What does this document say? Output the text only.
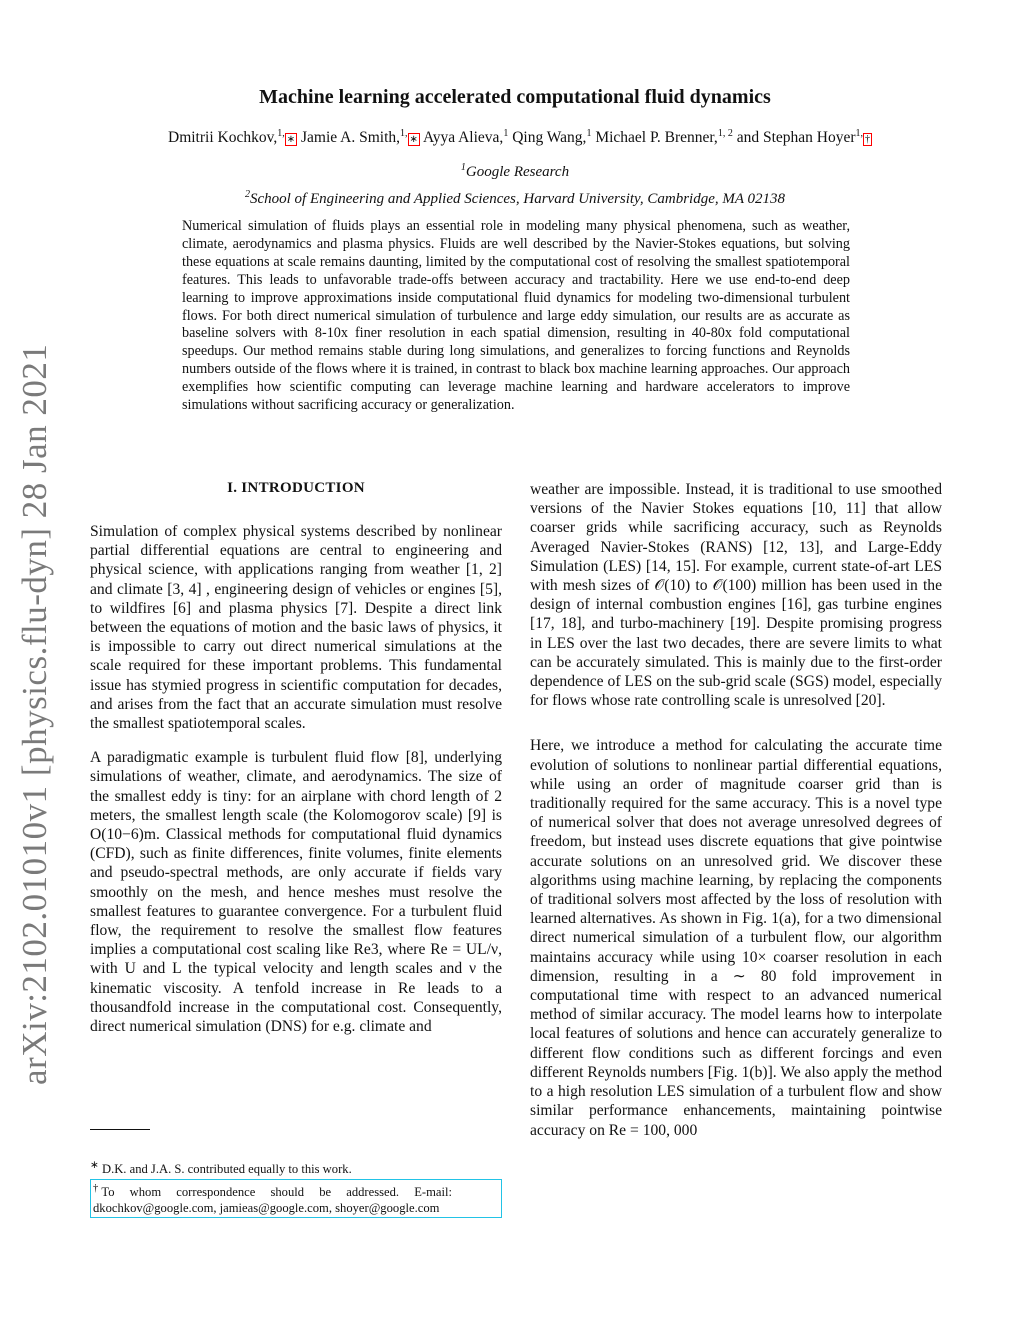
arXiv:2102.01010v1 [physics.flu-dyn] 28 Jan 2021
Machine learning accelerated computational fluid dynamics
Dmitrii Kochkov,$^{1,}$∗ Jamie A. Smith,$^{1,}$∗ Ayya Alieva,$^1$ Qing Wang,$^1$ Michael P. Brenner,$^{1, 2}$ and Stephan Hoyer$^{1,}$†
$^1$Google Research
$^2$School of Engineering and Applied Sciences, Harvard University, Cambridge, MA 02138
Numerical simulation of fluids plays an essential role in modeling many physical phenomena, such as weather, climate, aerodynamics and plasma physics. Fluids are well described by the Navier-Stokes equations, but solving these equations at scale remains daunting, limited by the computational cost of resolving the smallest spatiotemporal features. This leads to unfavorable trade-offs between accuracy and tractability. Here we use end-to-end deep learning to improve approximations inside computational fluid dynamics for modeling two-dimensional turbulent flows. For both direct numerical simulation of turbulence and large eddy simulation, our results are as accurate as baseline solvers with 8-10x finer resolution in each spatial dimension, resulting in 40-80x fold computational speedups. Our method remains stable during long simulations, and generalizes to forcing functions and Reynolds numbers outside of the flows where it is trained, in contrast to black box machine learning approaches. Our approach exemplifies how scientific computing can leverage machine learning and hardware accelerators to improve simulations without sacrificing accuracy or generalization.
I. INTRODUCTION

Simulation of complex physical systems described by nonlinear partial differential equations are central to engineering and physical science, with applications ranging from weather [1, 2] and climate [3, 4] , engineering design of vehicles or engines [5], to wildfires [6] and plasma physics [7]. Despite a direct link between the equations of motion and the basic laws of physics, it is impossible to carry out direct numerical simulations at the scale required for these important problems. This fundamental issue has stymied progress in scientific computation for decades, and arises from the fact that an accurate simulation must resolve the smallest spatiotemporal scales.

A paradigmatic example is turbulent fluid flow [8], underlying simulations of weather, climate, and aerodynamics. The size of the smallest eddy is tiny: for an airplane with chord length of 2 meters, the smallest length scale (the Kolomogorov scale) [9] is O(10−6)m. Classical methods for computational fluid dynamics (CFD), such as finite differences, finite volumes, finite elements and pseudo-spectral methods, are only accurate if fields vary smoothly on the mesh, and hence meshes must resolve the smallest features to guarantee convergence. For a turbulent fluid flow, the requirement to resolve the smallest flow features implies a computational cost scaling like Re3, where Re = UL/ν, with U and L the typical velocity and length scales and ν the kinematic viscosity. A tenfold increase in Re leads to a thousandfold increase in the computational cost. Consequently, direct numerical simulation (DNS) for e.g. climate and

weather are impossible. Instead, it is traditional to use smoothed versions of the Navier Stokes equations [10, 11] that allow coarser grids while sacrificing accuracy, such as Reynolds Averaged Navier-Stokes (RANS) [12, 13], and Large-Eddy Simulation (LES) [14, 15]. For example, current state-of-art LES with mesh sizes of 𝒪(10) to 𝒪(100) million has been used in the design of internal combustion engines [16], gas turbine engines [17, 18], and turbo-machinery [19]. Despite promising progress in LES over the last two decades, there are severe limits to what can be accurately simulated. This is mainly due to the first-order dependence of LES on the sub-grid scale (SGS) model, especially for flows whose rate controlling scale is unresolved [20].

Here, we introduce a method for calculating the accurate time evolution of solutions to nonlinear partial differential equations, while using an order of magnitude coarser grid than is traditionally required for the same accuracy. This is a novel type of numerical solver that does not average unresolved degrees of freedom, but instead uses discrete equations that give pointwise accurate solutions on an unresolved grid. We discover these algorithms using machine learning, by replacing the components of traditional solvers most affected by the loss of resolution with learned alternatives. As shown in Fig. 1(a), for a two dimensional direct numerical simulation of a turbulent flow, our algorithm maintains accuracy while using 10× coarser resolution in each dimension, resulting in a ∼ 80 fold improvement in computational time with respect to an advanced numerical method of similar accuracy. The model learns how to interpolate local features of solutions and hence can accurately generalize to different flow conditions such as different forcings and even different Reynolds numbers [Fig. 1(b)]. We also apply the method to a high resolution LES simulation of a turbulent flow and show similar performance enhancements, maintaining pointwise accuracy on Re = 100, 000

∗ D.K. and J.A. S. contributed equally to this work.
† To whom correspondence should be addressed. E-mail:
dkochkov@google.com, jamieas@google.com, shoyer@google.com
